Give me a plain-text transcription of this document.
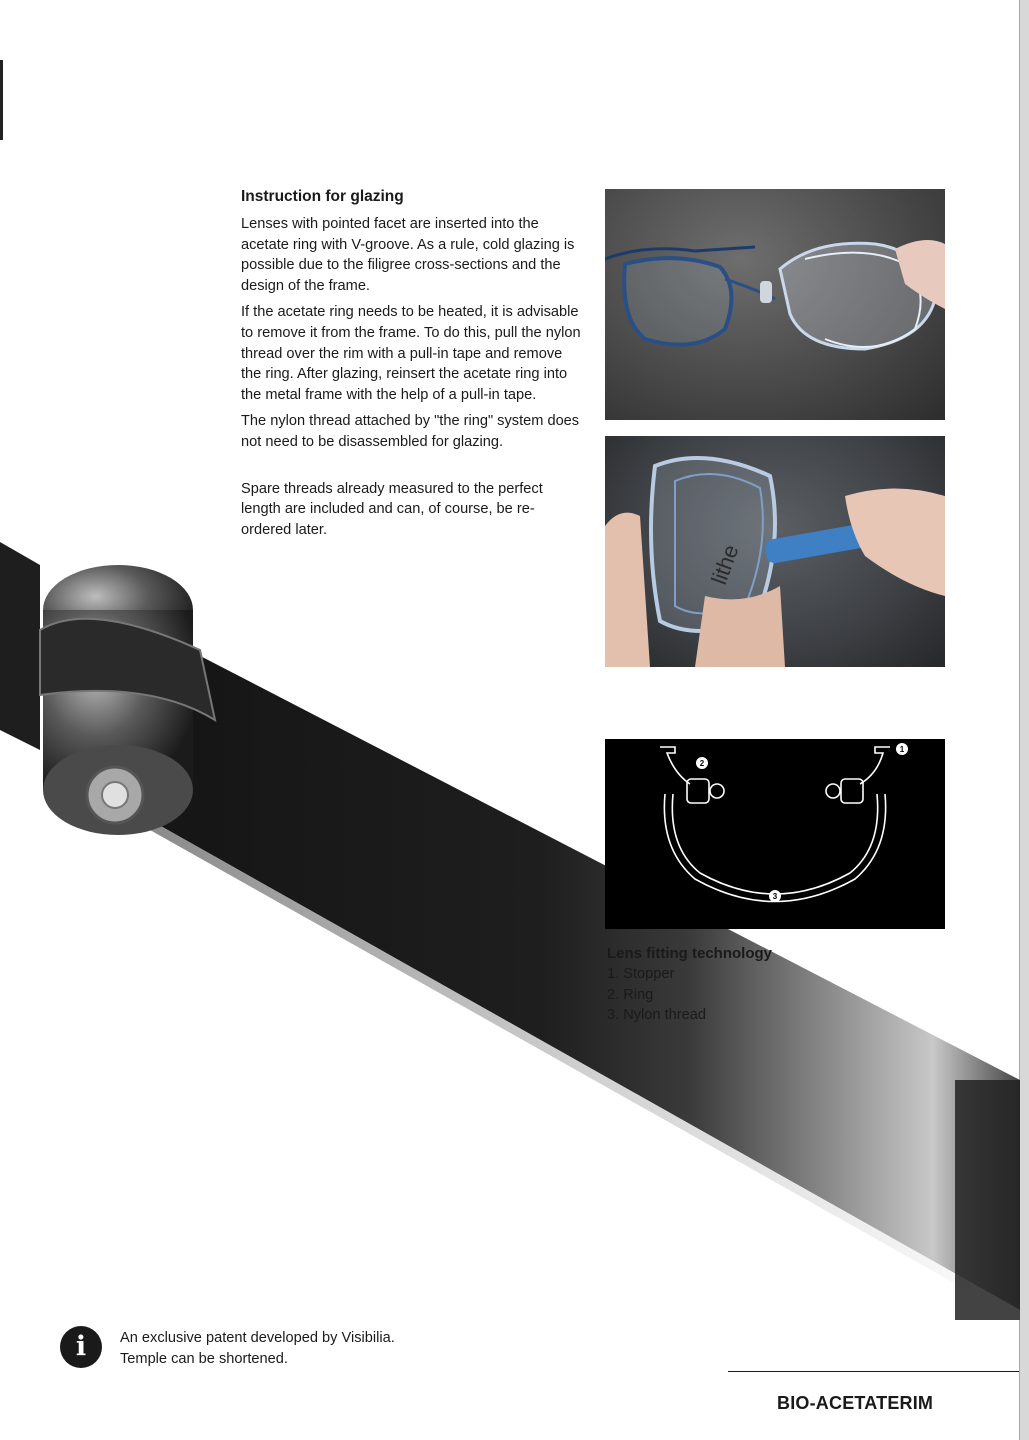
Instruction for glazing

Lenses with pointed facet are inserted into the acetate ring with V-groove. As a rule, cold glazing is possible due to the filigree cross-sections and the design of the frame.

If the acetate ring needs to be heated, it is advisable to remove it from the frame. To do this, pull the nylon thread over the rim with a pull-in tape and remove the ring. After glazing, reinsert the acetate ring into the metal frame with the help of a pull-in tape.

The nylon thread attached by "the ring" system does not need to be disassembled for glazing.

Spare threads already measured to the perfect length are included and can, of course, be re-ordered later.

lithe
1
2
3
Lens fitting technology
1. Stopper
2. Ring
3. Nylon thread
i	An exclusive patent developed by Visibilia.
Temple can be shortened.
BIO-ACETATERIM
